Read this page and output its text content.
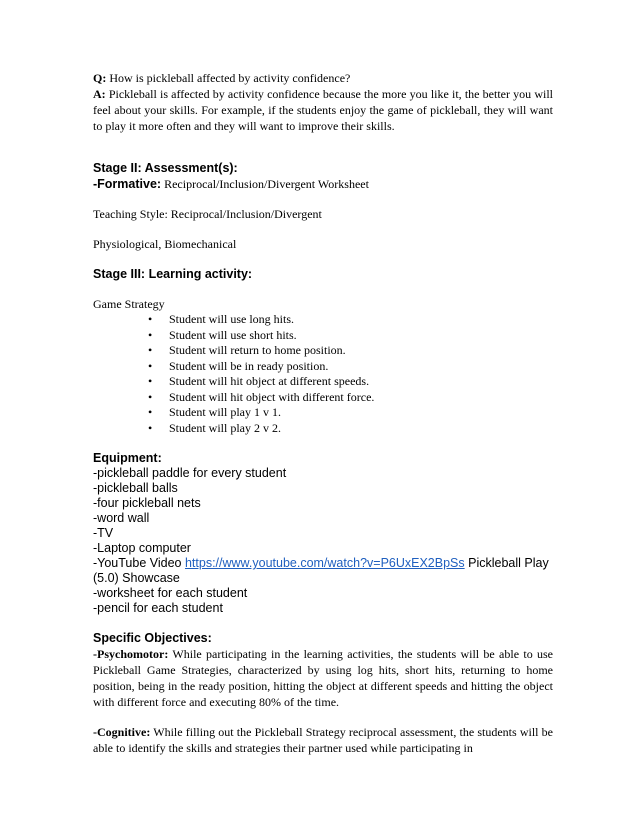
Q: How is pickleball affected by activity confidence?

A: Pickleball is affected by activity confidence because the more you like it, the better you will feel about your skills. For example, if the students enjoy the game of pickleball, they will want to play it more often and they will want to improve their skills.

Stage II: Assessment(s):

-Formative: Reciprocal/Inclusion/Divergent Worksheet

Teaching Style: Reciprocal/Inclusion/Divergent

Physiological, Biomechanical

Stage III: Learning activity:

Game Strategy

• Student will use long hits.
• Student will use short hits.
• Student will return to home position.
• Student will be in ready position.
• Student will hit object at different speeds.
• Student will hit object with different force.
• Student will play 1 v 1.
• Student will play 2 v 2.

Equipment:

-pickleball paddle for every student
-pickleball balls
-four pickleball nets
-word wall
-TV
-Laptop computer
-YouTube Video https://www.youtube.com/watch?v=P6UxEX2BpSs Pickleball Play (5.0) Showcase
-worksheet for each student
-pencil for each student

Specific Objectives:

-Psychomotor: While participating in the learning activities, the students will be able to use Pickleball Game Strategies, characterized by using log hits, short hits, returning to home position, being in the ready position, hitting the object at different speeds and hitting the object with different force and executing 80% of the time.

-Cognitive: While filling out the Pickleball Strategy reciprocal assessment, the students will be able to identify the skills and strategies their partner used while participating in
